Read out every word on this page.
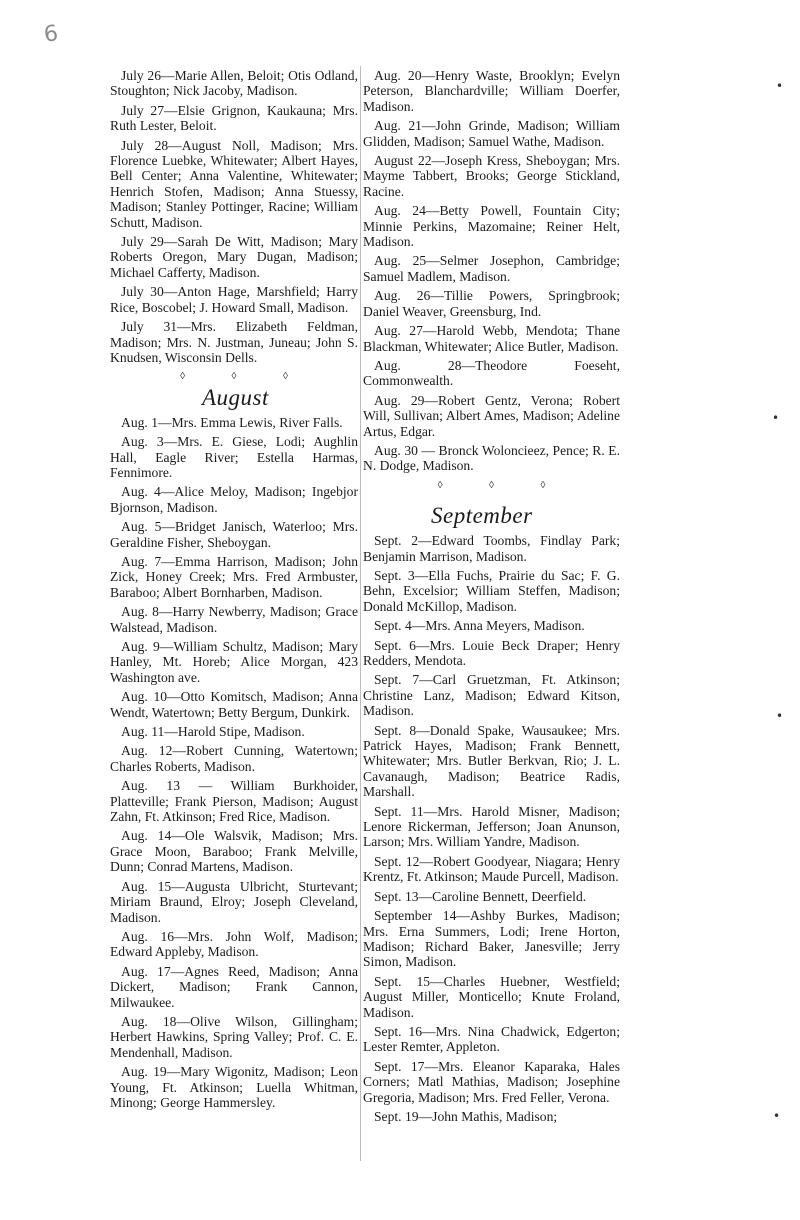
6

July 26—Marie Allen, Beloit; Otis Odland, Stoughton; Nick Jacoby, Madison.

July 27—Elsie Grignon, Kaukauna; Mrs. Ruth Lester, Beloit.

July 28—August Noll, Madison; Mrs. Florence Luebke, Whitewater; Albert Hayes, Bell Center; Anna Valentine, Whitewater; Henrich Stofen, Madison; Anna Stuessy, Madison; Stanley Pottinger, Racine; William Schutt, Madison.

July 29—Sarah De Witt, Madison; Mary Roberts Oregon, Mary Dugan, Madison; Michael Cafferty, Madison.

July 30—Anton Hage, Marshfield; Harry Rice, Boscobel; J. Howard Small, Madison.

July 31—Mrs. Elizabeth Feldman, Madison; Mrs. N. Justman, Juneau; John S. Knudsen, Wisconsin Dells.

◊ ◊ ◊

August

Aug. 1—Mrs. Emma Lewis, River Falls.

Aug. 3—Mrs. E. Giese, Lodi; Aughlin Hall, Eagle River; Estella Harmas, Fennimore.

Aug. 4—Alice Meloy, Madison; Ingebjor Bjornson, Madison.

Aug. 5—Bridget Janisch, Waterloo; Mrs. Geraldine Fisher, Sheboygan.

Aug. 7—Emma Harrison, Madison; John Zick, Honey Creek; Mrs. Fred Armbuster, Baraboo; Albert Bornharben, Madison.

Aug. 8—Harry Newberry, Madison; Grace Walstead, Madison.

Aug. 9—William Schultz, Madison; Mary Hanley, Mt. Horeb; Alice Morgan, 423 Washington ave.

Aug. 10—Otto Komitsch, Madison; Anna Wendt, Watertown; Betty Bergum, Dunkirk.

Aug. 11—Harold Stipe, Madison.

Aug. 12—Robert Cunning, Watertown; Charles Roberts, Madison.

Aug. 13 — William Burkhoider, Platteville; Frank Pierson, Madison; August Zahn, Ft. Atkinson; Fred Rice, Madison.

Aug. 14—Ole Walsvik, Madison; Mrs. Grace Moon, Baraboo; Frank Melville, Dunn; Conrad Martens, Madison.

Aug. 15—Augusta Ulbricht, Sturtevant; Miriam Braund, Elroy; Joseph Cleveland, Madison.

Aug. 16—Mrs. John Wolf, Madison; Edward Appleby, Madison.

Aug. 17—Agnes Reed, Madison; Anna Dickert, Madison; Frank Cannon, Milwaukee.

Aug. 18—Olive Wilson, Gillingham; Herbert Hawkins, Spring Valley; Prof. C. E. Mendenhall, Madison.

Aug. 19—Mary Wigonitz, Madison; Leon Young, Ft. Atkinson; Luella Whitman, Minong; George Hammersley.

Aug. 20—Henry Waste, Brooklyn; Evelyn Peterson, Blanchardville; William Doerfer, Madison.

Aug. 21—John Grinde, Madison; William Glidden, Madison; Samuel Wathe, Madison.

August 22—Joseph Kress, Sheboygan; Mrs. Mayme Tabbert, Brooks; George Stickland, Racine.

Aug. 24—Betty Powell, Fountain City; Minnie Perkins, Mazomaine; Reiner Helt, Madison.

Aug. 25—Selmer Josephon, Cambridge; Samuel Madlem, Madison.

Aug. 26—Tillie Powers, Springbrook; Daniel Weaver, Greensburg, Ind.

Aug. 27—Harold Webb, Mendota; Thane Blackman, Whitewater; Alice Butler, Madison.

Aug. 28—Theodore Foeseht, Commonwealth.

Aug. 29—Robert Gentz, Verona; Robert Will, Sullivan; Albert Ames, Madison; Adeline Artus, Edgar.

Aug. 30 — Bronck Woloncieez, Pence; R. E. N. Dodge, Madison.

◊ ◊ ◊

September

Sept. 2—Edward Toombs, Findlay Park; Benjamin Marrison, Madison.

Sept. 3—Ella Fuchs, Prairie du Sac; F. G. Behn, Excelsior; William Steffen, Madison; Donald McKillop, Madison.

Sept. 4—Mrs. Anna Meyers, Madison.

Sept. 6—Mrs. Louie Beck Draper; Henry Redders, Mendota.

Sept. 7—Carl Gruetzman, Ft. Atkinson; Christine Lanz, Madison; Edward Kitson, Madison.

Sept. 8—Donald Spake, Wausaukee; Mrs. Patrick Hayes, Madison; Frank Bennett, Whitewater; Mrs. Butler Berkvan, Rio; J. L. Cavanaugh, Madison; Beatrice Radis, Marshall.

Sept. 11—Mrs. Harold Misner, Madison; Lenore Rickerman, Jefferson; Joan Anunson, Larson; Mrs. William Yandre, Madison.

Sept. 12—Robert Goodyear, Niagara; Henry Krentz, Ft. Atkinson; Maude Purcell, Madison.

Sept. 13—Caroline Bennett, Deerfield.

September 14—Ashby Burkes, Madison; Mrs. Erna Summers, Lodi; Irene Horton, Madison; Richard Baker, Janesville; Jerry Simon, Madison.

Sept. 15—Charles Huebner, Westfield; August Miller, Monticello; Knute Froland, Madison.

Sept. 16—Mrs. Nina Chadwick, Edgerton; Lester Remter, Appleton.

Sept. 17—Mrs. Eleanor Kaparaka, Hales Corners; Matl Mathias, Madison; Josephine Gregoria, Madison; Mrs. Fred Feller, Verona.

Sept. 19—John Mathis, Madison;

•
•
•
•
